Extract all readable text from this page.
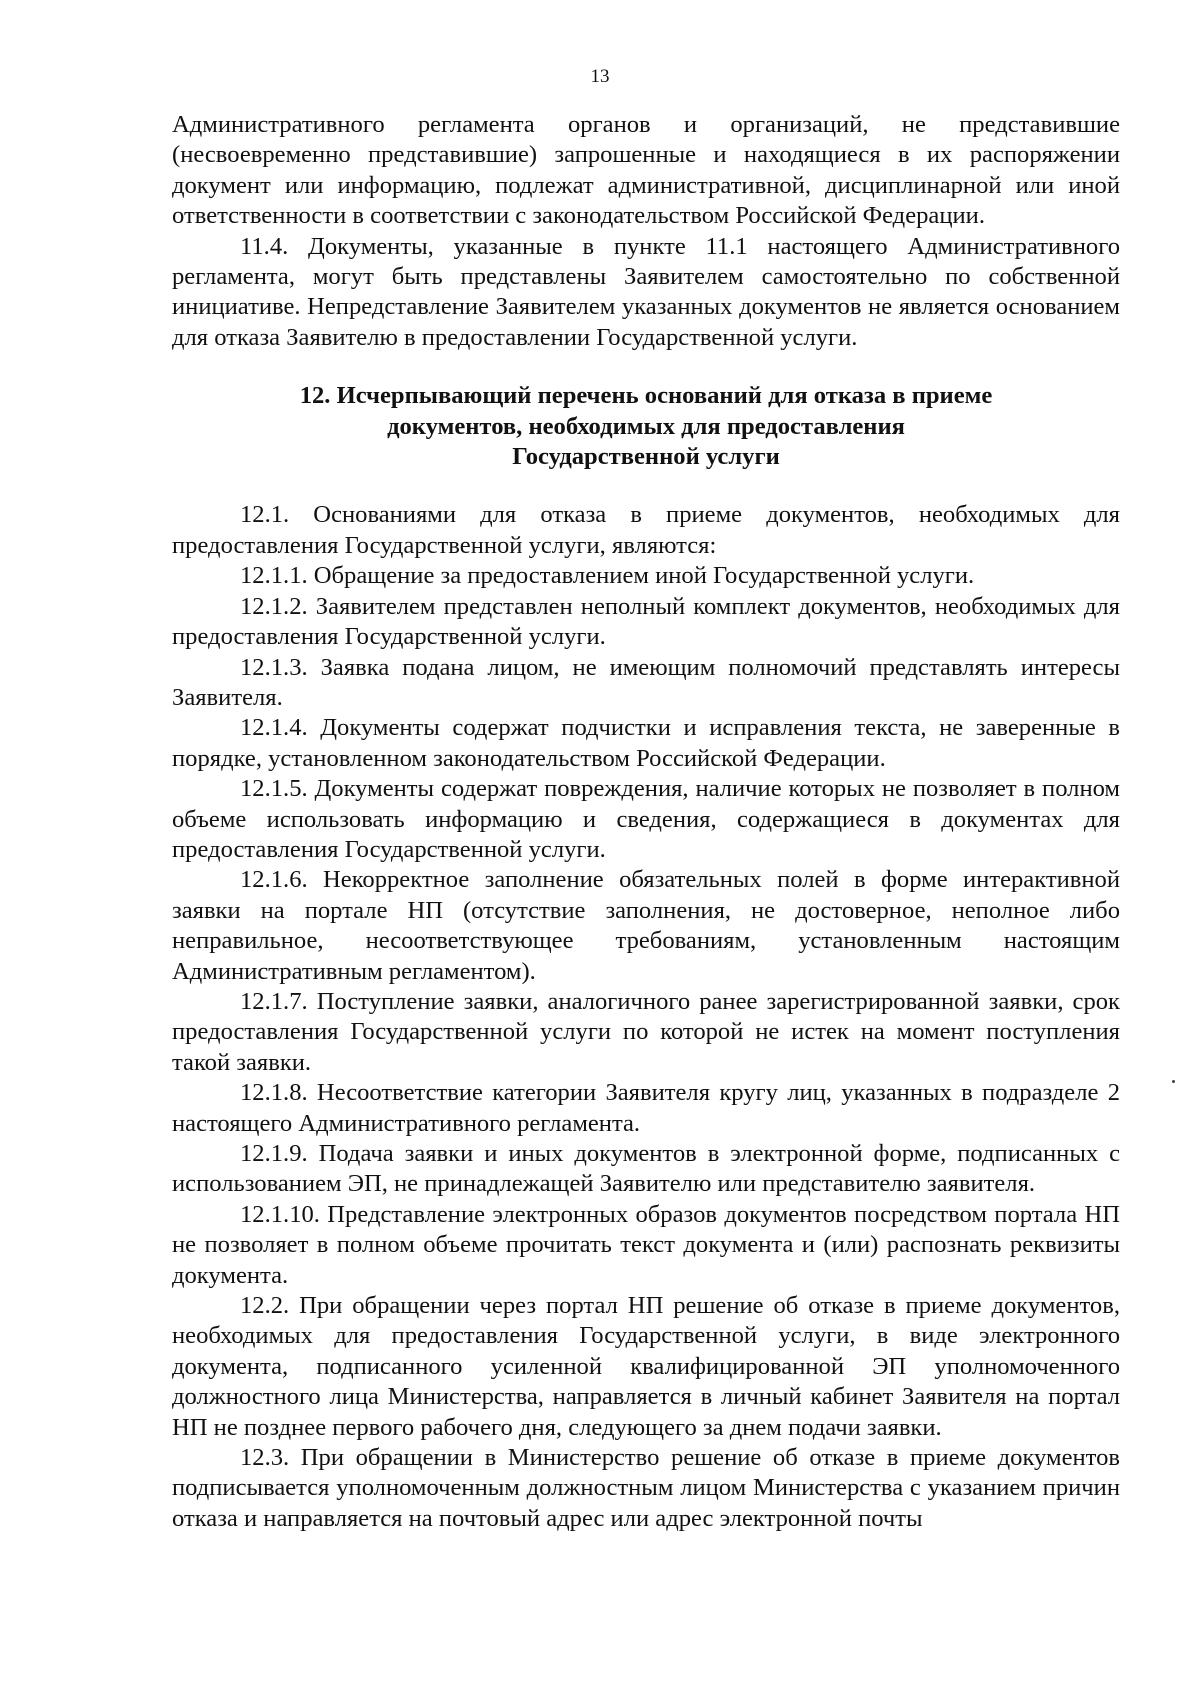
13

Административного регламента органов и организаций, не представившие (несвоевременно представившие) запрошенные и находящиеся в их распоряжении документ или информацию, подлежат административной, дисциплинарной или иной ответственности в соответствии с законодательством Российской Федерации.

11.4. Документы, указанные в пункте 11.1 настоящего Административного регламента, могут быть представлены Заявителем самостоятельно по собственной инициативе. Непредставление Заявителем указанных документов не является основанием для отказа Заявителю в предоставлении Государственной услуги.

12. Исчерпывающий перечень оснований для отказа в приеме
документов, необходимых для предоставления
Государственной услуги

12.1. Основаниями для отказа в приеме документов, необходимых для предоставления Государственной услуги, являются:

12.1.1. Обращение за предоставлением иной Государственной услуги.

12.1.2. Заявителем представлен неполный комплект документов, необходимых для предоставления Государственной услуги.

12.1.3. Заявка подана лицом, не имеющим полномочий представлять интересы Заявителя.

12.1.4. Документы содержат подчистки и исправления текста, не заверенные в порядке, установленном законодательством Российской Федерации.

12.1.5. Документы содержат повреждения, наличие которых не позволяет в полном объеме использовать информацию и сведения, содержащиеся в документах для предоставления Государственной услуги.

12.1.6. Некорректное заполнение обязательных полей в форме интерактивной заявки на портале НП (отсутствие заполнения, не достоверное, неполное либо неправильное, несоответствующее требованиям, установленным настоящим Административным регламентом).

12.1.7. Поступление заявки, аналогичного ранее зарегистрированной заявки, срок предоставления Государственной услуги по которой не истек на момент поступления такой заявки.

12.1.8. Несоответствие категории Заявителя кругу лиц, указанных в подразделе 2 настоящего Административного регламента.

12.1.9. Подача заявки и иных документов в электронной форме, подписанных с использованием ЭП, не принадлежащей Заявителю или представителю заявителя.

12.1.10. Представление электронных образов документов посредством портала НП не позволяет в полном объеме прочитать текст документа и (или) распознать реквизиты документа.

12.2. При обращении через портал НП решение об отказе в приеме документов, необходимых для предоставления Государственной услуги, в виде электронного документа, подписанного усиленной квалифицированной ЭП уполномоченного должностного лица Министерства, направляется в личный кабинет Заявителя на портал НП не позднее первого рабочего дня, следующего за днем подачи заявки.

12.3. При обращении в Министерство решение об отказе в приеме документов подписывается уполномоченным должностным лицом Министерства с указанием причин отказа и направляется на почтовый адрес или адрес электронной почты
